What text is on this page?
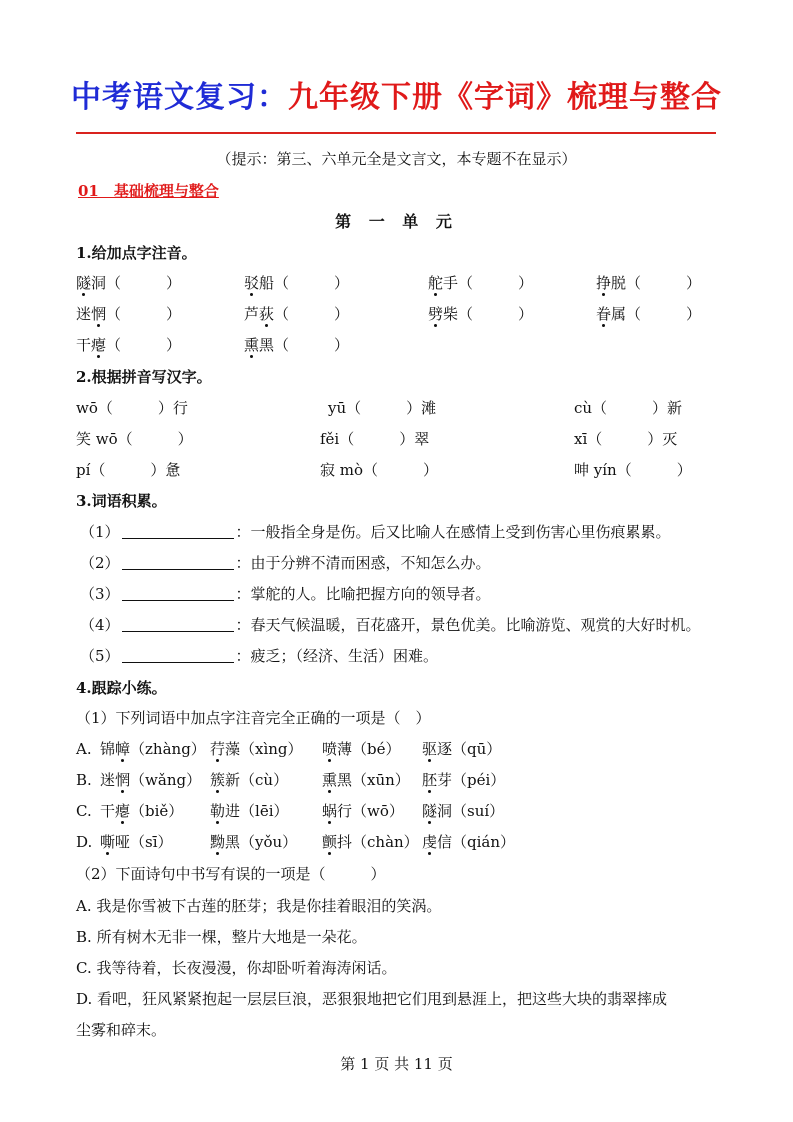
中考语文复习：九年级下册《字词》梳理与整合
（提示：第三、六单元全是文言文，本专题不在显示）
01　基础梳理与整合
第 一 单 元
1.给加点字注音。
隧洞（　　　）	驳船（　　　）	舵手（　　　）	挣脱（　　　）
迷惘（　　　）	芦荻（　　　）	劈柴（　　　）	眷属（　　　）
干瘪（　　　）	熏黑（　　　）
2.根据拼音写汉字。
wō（　　　）行	yū（　　　）滩	cù（　　　）新
笑 wō（　　　）	fěi（　　　）翠	xī（　　　）灭
pí（　　　）惫	寂 mò（　　　）	呻 yín（　　　）
3.词语积累。
（1）	：一般指全身是伤。后又比喻人在感情上受到伤害心里伤痕累累。
（2）	：由于分辨不清而困惑，不知怎么办。
（3）	：掌舵的人。比喻把握方向的领导者。
（4）	：春天气候温暖，百花盛开，景色优美。比喻游览、观赏的大好时机。
（5）	：疲乏；（经济、生活）困难。
4.跟踪小练。
（1）下列词语中加点字注音完全正确的一项是（　）
A. 锦幛（zhàng） 荇藻（xìng） 喷薄（bé） 驱逐（qū）
B. 迷惘（wǎng） 簇新（cù） 熏黑（xūn） 胚芽（péi）
C. 干瘪（biě） 勒进（lēi） 蜗行（wō） 隧洞（suí）
D. 嘶哑（sī） 黝黑（yǒu） 颤抖（chàn） 虔信（qián）
（2）下面诗句中书写有误的一项是（　　　）
A. 我是你雪被下古莲的胚芽；我是你挂着眼泪的笑涡。
B. 所有树木无非一棵，整片大地是一朵花。
C. 我等待着，长夜漫漫，你却卧听着海涛闲话。
D. 看吧，狂风紧紧抱起一层层巨浪，恶狠狠地把它们甩到悬涯上，把这些大块的翡翠摔成
尘雾和碎末。
第 1 页 共 11 页
